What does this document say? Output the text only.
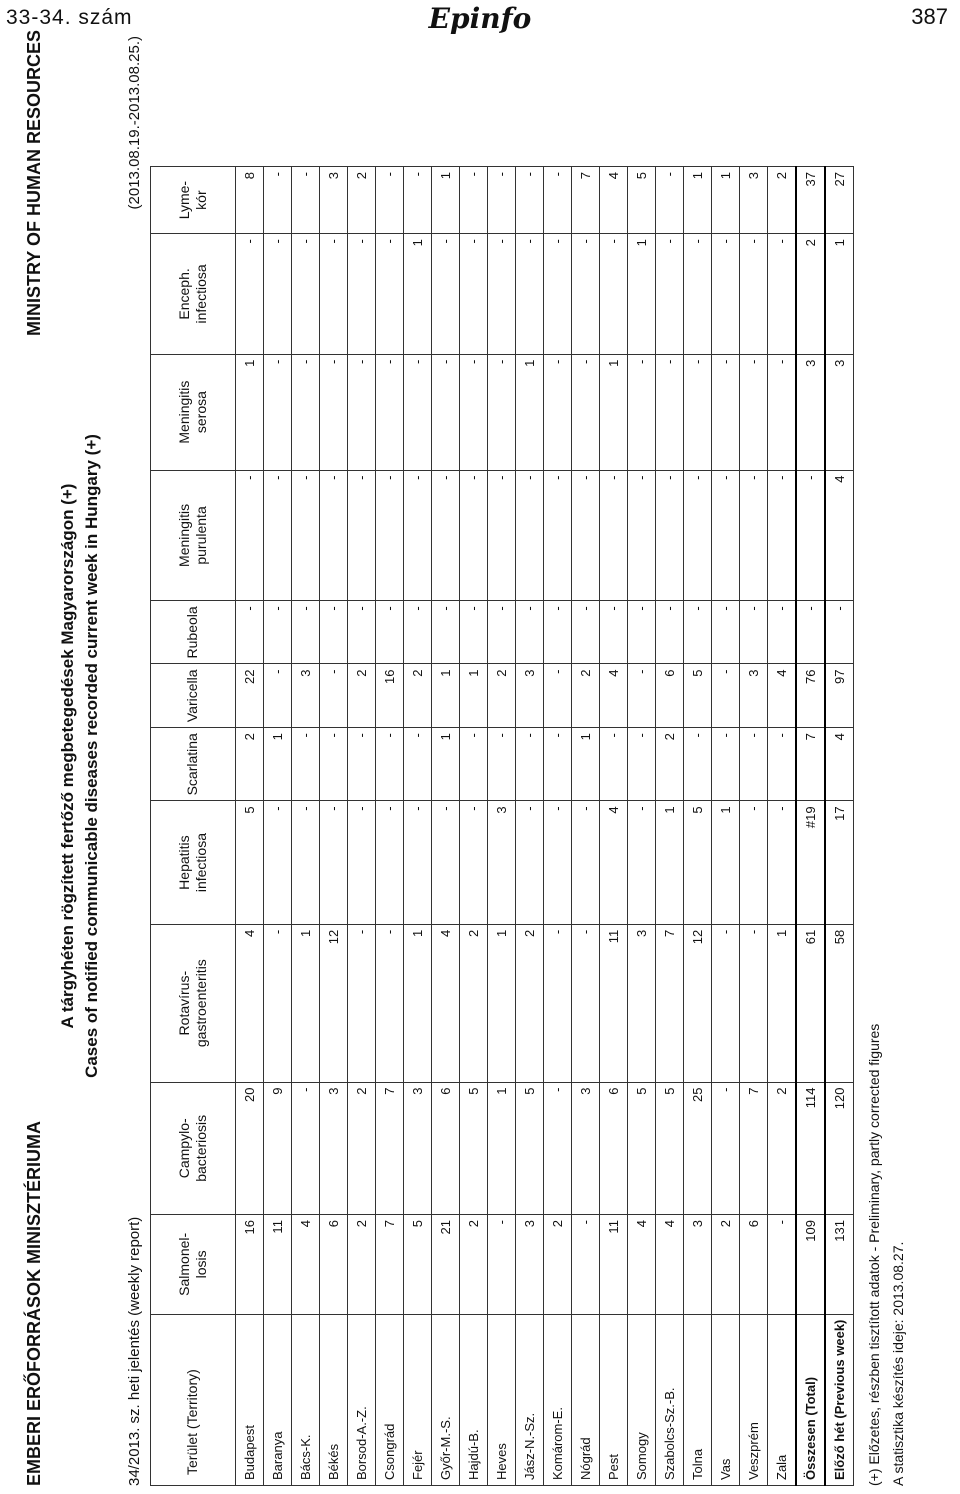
33-34. szám	Epinfo	387
EMBERI ERŐFORRÁSOK MINISZTÉRIUMA
MINISTRY OF HUMAN RESOURCES
A tárgyhéten rögzített fertőző megbetegedések Magyarországon (+) Cases of notified communicable diseases recorded current week in Hungary (+)
34/2013. sz. heti jelentés (weekly report)
(2013.08.19.-2013.08.25.)
Terület (Territory)	Salmonel-losis	Campylo-bacteriosis	Rotavírus-gastroenteritis	Hepatitis infectiosa	Scarlatina	Varicella	Rubeola	Meningitis purulenta	Meningitis serosa	Enceph. infectiosa	Lyme-kór
Budapest	16	20	4	5	2	22	-	-	1	-	8
Baranya	11	9	-	-	1	-	-	-	-	-	-
Bács-K.	4	-	1	-	-	3	-	-	-	-	-
Békés	6	3	12	-	-	-	-	-	-	-	3
Borsod-A.-Z.	2	2	-	-	-	2	-	-	-	-	2
Csongrád	7	7	-	-	-	16	-	-	-	-	-
Fejér	5	3	1	-	-	2	-	-	-	1	-
Győr-M.-S.	21	6	4	-	1	1	-	-	-	-	1
Hajdú-B.	2	5	2	-	-	1	-	-	-	-	-
Heves	-	1	1	3	-	2	-	-	-	-	-
Jász-N.-Sz.	3	5	2	-	-	3	-	-	1	-	-
Komárom-E.	2	-	-	-	-	-	-	-	-	-	-
Nógrád	-	3	-	-	1	2	-	-	-	-	7
Pest	11	6	11	4	-	4	-	-	1	-	4
Somogy	4	5	3	-	-	-	-	-	-	1	5
Szabolcs-Sz.-B.	4	5	7	1	2	6	-	-	-	-	-
Tolna	3	25	12	5	-	5	-	-	-	-	1
Vas	2	-	-	1	-	-	-	-	-	-	1
Veszprém	6	7	-	-	-	3	-	-	-	-	3
Zala	-	2	1	-	-	4	-	-	-	-	2
Összesen (Total)	109	114	61	#19	7	76	-	-	3	2	37
Előző hét (Previous week)	131	120	58	17	4	97	-	4	3	1	27
(+) Előzetes, részben tisztított adatok - Preliminary, partly corrected figures A statisztika készítés ideje: 2013.08.27.
